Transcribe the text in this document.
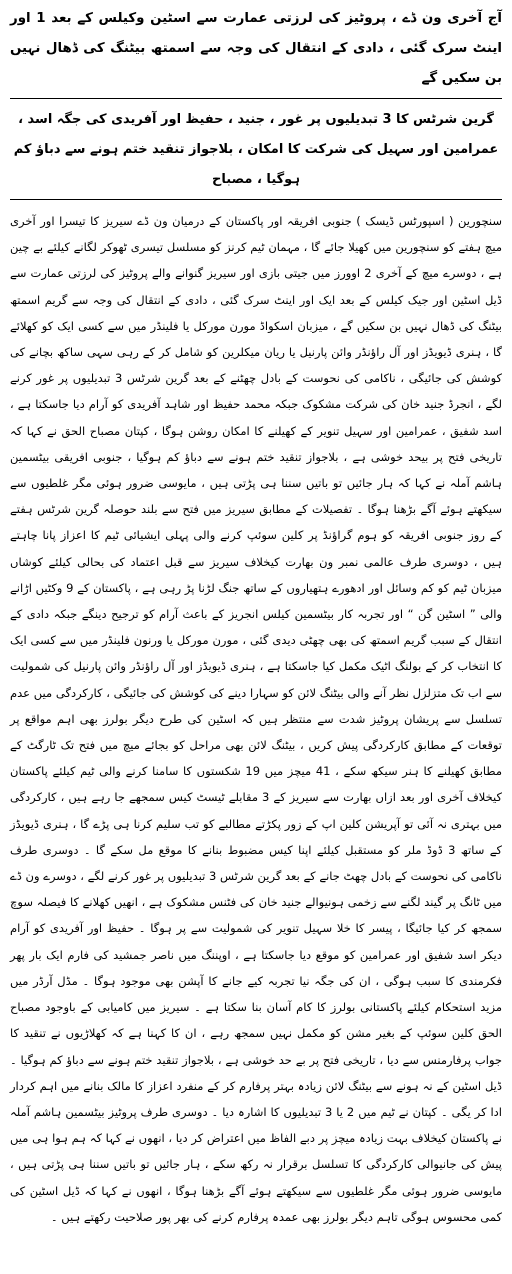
آج آخری ون ڈے ، پروٹیز کی لرزتی عمارت سے اسٹین وکیلس کے بعد 1 اور اینٹ سرک گئی ، دادی کے انتقال کی وجہ سے اسمتھ بیٹنگ کی ڈھال نہیں بن سکیں گے
گرین شرٹس کا 3 تبدیلیوں پر غور ، جنید ، حفیظ اور آفریدی کی جگہ اسد ، عمرامین اور سہیل کی شرکت کا امکان ، بلاجواز تنقید ختم ہونے سے دباؤ کم ہوگیا ، مصباح

سنچورین ( اسپورٹس ڈیسک ) جنوبی افریقہ اور پاکستان کے درمیان ون ڈے سیریز کا تیسرا اور آخری میچ ہفتے کو سنچورین میں کھیلا جائے گا ، مہمان ٹیم کرنز کو مسلسل تیسری ٹھوکر لگانے کیلئے بے چین ہے ، دوسرے میچ کے آخری 2 اوورز میں جیتی بازی اور سیریز گنوانے والے پروٹیز کی لرزتی عمارت سے ڈیل اسٹین اور جیک کیلس کے بعد ایک اور اینٹ سرک گئی ، دادی کے انتقال کی وجہ سے گریم اسمتھ بیٹنگ کی ڈھال نہیں بن سکیں گے ، میزبان اسکواڈ مورن مورکل یا فلینڈر میں سے کسی ایک کو کھلائے گا ، ہنری ڈیویڈز اور آل راؤنڈر وائن پارنیل یا ریان میکلرین کو شامل کر کے رہی سہی ساکھ بچانے کی کوشش کی جائیگی ، ناکامی کی نحوست کے بادل چھٹنے کے بعد گرین شرٹس 3 تبدیلیوں پر غور کرنے لگے ، انجرڈ جنید خان کی شرکت مشکوک جبکہ محمد حفیظ اور شاہد آفریدی کو آرام دیا جاسکتا ہے ، اسد شفیق ، عمرامین اور سہیل تنویر کے کھیلنے کا امکان روشن ہوگا ، کپتان مصباح الحق نے کہا کہ تاریخی فتح پر بیحد خوشی ہے ، بلاجواز تنقید ختم ہونے سے دباؤ کم ہوگیا ، جنوبی افریقی بیٹسمین ہاشم آملہ نے کہا کہ ہار جائیں تو باتیں سننا ہی پڑتی ہیں ، مایوسی ضرور ہوئی مگر غلطیوں سے سیکھتے ہوئے آگے بڑھنا ہوگا ۔ تفصیلات کے مطابق سیریز میں فتح سے بلند حوصلہ گرین شرٹس ہفتے کے روز جنوبی افریقہ کو ہوم گراؤنڈ پر کلین سوئپ کرنے والی پہلی ایشیائی ٹیم کا اعزاز پانا چاہتے ہیں ، دوسری طرف عالمی نمبر ون بھارت کیخلاف سیریز سے قبل اعتماد کی بحالی کیلئے کوشاں میزبان ٹیم کو کم وسائل اور ادھورے ہتھیاروں کے ساتھ جنگ لڑنا پڑ رہی ہے ، پاکستان کے 9 وکٹیں اڑانے والی ” اسٹین گن “ اور تجربہ کار بیٹسمین کیلس انجریز کے باعث آرام کو ترجیح دینگے جبکہ دادی کے انتقال کے سبب گریم اسمتھ کی بھی چھٹی دیدی گئی ، مورن مورکل یا ورنون فلینڈر میں سے کسی ایک کا انتخاب کر کے بولنگ اٹیک مکمل کیا جاسکتا ہے ، ہنری ڈیویڈز اور آل راؤنڈر وائن پارنیل کی شمولیت سے اب تک متزلزل نظر آنے والی بیٹنگ لائن کو سہارا دینے کی کوشش کی جائیگی ، کارکردگی میں عدم تسلسل سے پریشان پروٹیز شدت سے منتظر ہیں کہ اسٹین کی طرح دیگر بولرز بھی اہم مواقع پر توقعات کے مطابق کارکردگی پیش کریں ، بیٹنگ لائن بھی مراحل کو بجائے میچ میں فتح تک ٹارگٹ کے مطابق کھیلنے کا ہنر سیکھ سکے ، 41 میچز میں 19 شکستوں کا سامنا کرنے والی ٹیم کیلئے پاکستان کیخلاف آخری اور بعد ازاں بھارت سے سیریز کے 3 مقابلے ٹیسٹ کیس سمجھے جا رہے ہیں ، کارکردگی میں بہتری نہ آئی تو آپریشن کلین اپ کے زور پکڑتے مطالبے کو تب سلیم کرنا ہی پڑے گا ، ہنری ڈیویڈز کے ساتھ 3 ڈوڈ ملر کو مستقبل کیلئے اپنا کیس مضبوط بنانے کا موقع مل سکے گا ۔ دوسری طرف ناکامی کی نحوست کے بادل چھٹ جانے کے بعد گرین شرٹس 3 تبدیلیوں پر غور کرنے لگے ، دوسرے ون ڈے میں ٹانگ پر گیند لگنے سے زخمی ہونیوالے جنید خان کی فٹنس مشکوک ہے ، انھیں کھلانے کا فیصلہ سوچ سمجھ کر کیا جائیگا ، پیسر کا خلا سہیل تنویر کی شمولیت سے پر ہوگا ۔ حفیظ اور آفریدی کو آرام دیکر اسد شفیق اور عمرامین کو موقع دیا جاسکتا ہے ، اوپننگ میں ناصر جمشید کی فارم ایک بار پھر فکرمندی کا سبب ہوگی ، ان کی جگہ نیا تجربہ کیے جانے کا آپشن بھی موجود ہوگا ۔ مڈل آرڈر میں مزید استحکام کیلئے پاکستانی بولرز کا کام آسان بنا سکتا ہے ۔ سیریز میں کامیابی کے باوجود مصباح الحق کلین سوئپ کے بغیر مشن کو مکمل نہیں سمجھ رہے ، ان کا کہنا ہے کہ کھلاڑیوں نے تنقید کا جواب پرفارمنس سے دیا ، تاریخی فتح پر بے حد خوشی ہے ، بلاجواز تنقید ختم ہونے سے دباؤ کم ہوگیا ۔ ڈیل اسٹین کے نہ ہونے سے بیٹنگ لائن زیادہ بہتر پرفارم کر کے منفرد اعزاز کا مالک بنانے میں اہم کردار ادا کر یگی ۔ کپتان نے ٹیم میں 2 یا 3 تبدیلیوں کا اشارہ دیا ۔ دوسری طرف پروٹیز بیٹسمین ہاشم آملہ نے پاکستان کیخلاف بہت زیادہ میچز پر دبے الفاظ میں اعتراض کر دیا ، انھوں نے کہا کہ ہم ہوا ہی میں پیش کی جانیوالی کارکردگی کا تسلسل برقرار نہ رکھ سکے ، ہار جائیں تو باتیں سننا ہی پڑتی ہیں ، مایوسی ضرور ہوئی مگر غلطیوں سے سیکھتے ہوئے آگے بڑھنا ہوگا ، انھوں نے کہا کہ ڈیل اسٹین کی کمی محسوس ہوگی تاہم دیگر بولرز بھی عمدہ پرفارم کرنے کی بھر پور صلاحیت رکھتے ہیں ۔
